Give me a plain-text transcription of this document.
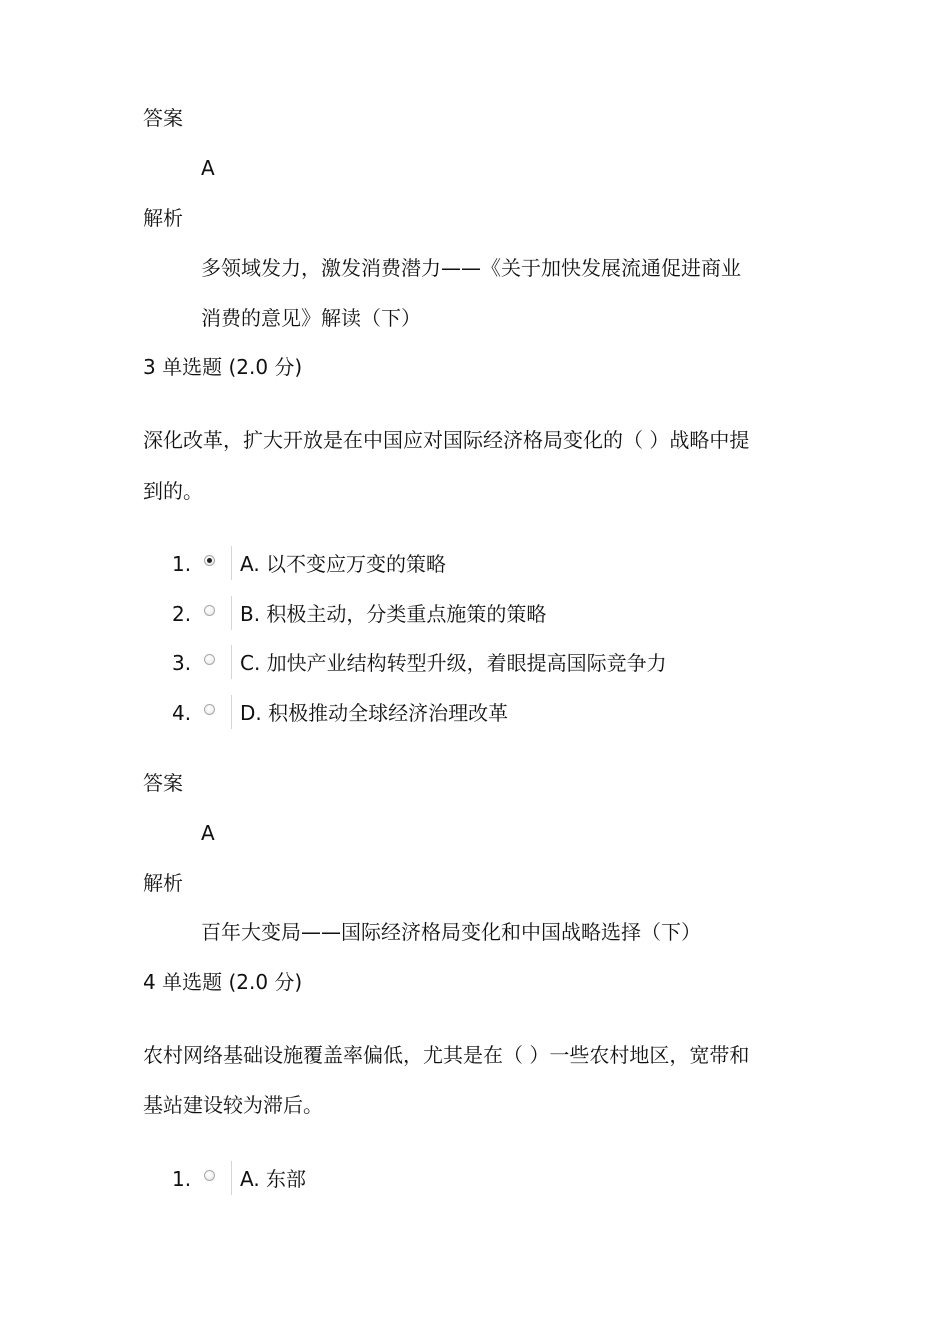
答案
A
解析
多领域发力，激发消费潜力——《关于加快发展流通促进商业
消费的意见》解读（下）
3 单选题 (2.0 分)
深化改革，扩大开放是在中国应对国际经济格局变化的（ ）战略中提
到的。
1. A. 以不变应万变的策略
2. B. 积极主动，分类重点施策的策略
3. C. 加快产业结构转型升级，着眼提高国际竞争力
4. D. 积极推动全球经济治理改革
答案
A
解析
百年大变局——国际经济格局变化和中国战略选择（下）
4 单选题 (2.0 分)
农村网络基础设施覆盖率偏低，尤其是在（ ）一些农村地区，宽带和
基站建设较为滞后。
1. A. 东部
